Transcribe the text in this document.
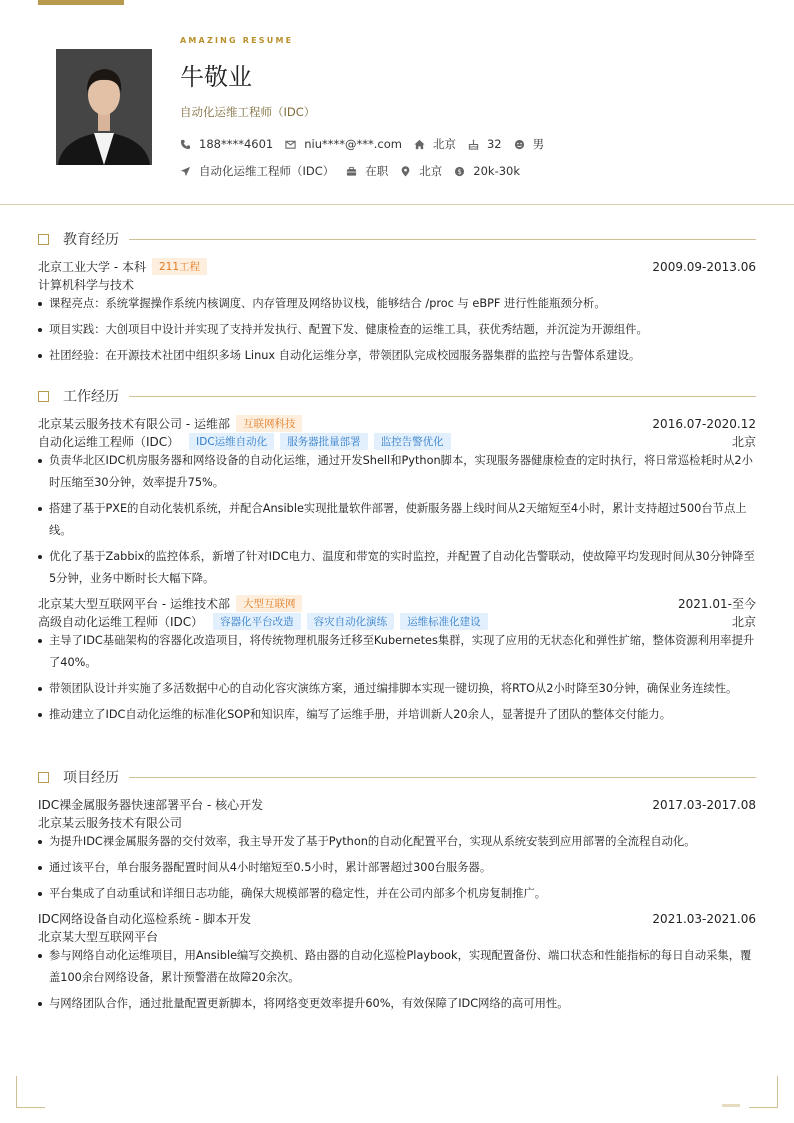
AMAZING RESUME
牛敬业
自动化运维工程师（IDC）
188****4601	niu****@***.com	北京	32	男
自动化运维工程师（IDC）	在职	北京 $ 20k-30k
教育经历
北京工业大学 - 本科	211工程	2009.09-2013.06
计算机科学与技术
课程亮点：系统掌握操作系统内核调度、内存管理及网络协议栈，能够结合 /proc 与 eBPF 进行性能瓶颈分析。
项目实践：大创项目中设计并实现了支持并发执行、配置下发、健康检查的运维工具，获优秀结题，并沉淀为开源组件。
社团经验：在开源技术社团中组织多场 Linux 自动化运维分享，带领团队完成校园服务器集群的监控与告警体系建设。
工作经历
北京某云服务技术有限公司 - 运维部	互联网科技	2016.07-2020.12
自动化运维工程师（IDC）	IDC运维自动化	服务器批量部署	监控告警优化	北京
负责华北区IDC机房服务器和网络设备的自动化运维，通过开发Shell和Python脚本，实现服务器健康检查的定时执行，将日常巡检耗时从2小时压缩至30分钟，效率提升75%。
搭建了基于PXE的自动化装机系统，并配合Ansible实现批量软件部署，使新服务器上线时间从2天缩短至4小时，累计支持超过500台节点上线。
优化了基于Zabbix的监控体系，新增了针对IDC电力、温度和带宽的实时监控，并配置了自动化告警联动，使故障平均发现时间从30分钟降至5分钟，业务中断时长大幅下降。
北京某大型互联网平台 - 运维技术部	大型互联网	2021.01-至今
高级自动化运维工程师（IDC）	容器化平台改造	容灾自动化演练	运维标准化建设	北京
主导了IDC基础架构的容器化改造项目，将传统物理机服务迁移至Kubernetes集群，实现了应用的无状态化和弹性扩缩，整体资源利用率提升了40%。
带领团队设计并实施了多活数据中心的自动化容灾演练方案，通过编排脚本实现一键切换，将RTO从2小时降至30分钟，确保业务连续性。
推动建立了IDC自动化运维的标准化SOP和知识库，编写了运维手册，并培训新人20余人，显著提升了团队的整体交付能力。
项目经历
IDC裸金属服务器快速部署平台 - 核心开发	2017.03-2017.08
北京某云服务技术有限公司
为提升IDC裸金属服务器的交付效率，我主导开发了基于Python的自动化配置平台，实现从系统安装到应用部署的全流程自动化。
通过该平台，单台服务器配置时间从4小时缩短至0.5小时，累计部署超过300台服务器。
平台集成了自动重试和详细日志功能，确保大规模部署的稳定性，并在公司内部多个机房复制推广。
IDC网络设备自动化巡检系统 - 脚本开发	2021.03-2021.06
北京某大型互联网平台
参与网络自动化运维项目，用Ansible编写交换机、路由器的自动化巡检Playbook，实现配置备份、端口状态和性能指标的每日自动采集，覆盖100余台网络设备，累计预警潜在故障20余次。
与网络团队合作，通过批量配置更新脚本，将网络变更效率提升60%，有效保障了IDC网络的高可用性。
